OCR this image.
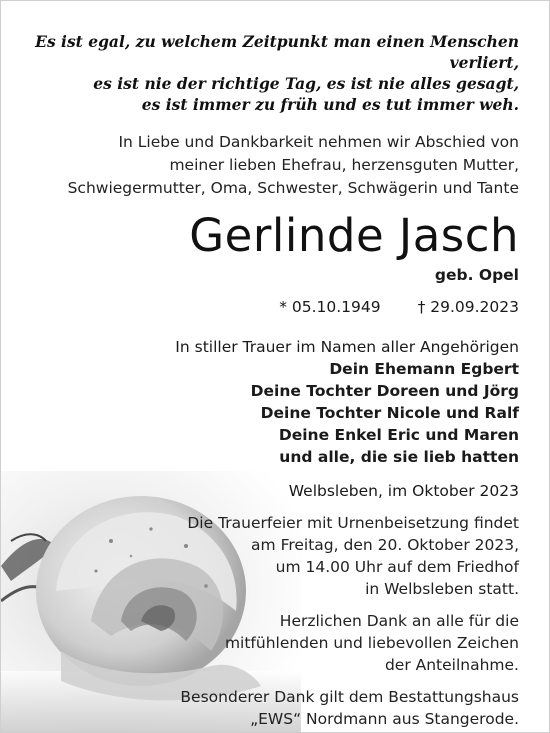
Es ist egal, zu welchem Zeitpunkt man einen Menschen verliert,

es ist nie der richtige Tag, es ist nie alles gesagt,

es ist immer zu früh und es tut immer weh.

In Liebe und Dankbarkeit nehmen wir Abschied von

meiner lieben Ehefrau, herzensguten Mutter,

Schwiegermutter, Oma, Schwester, Schwägerin und Tante

Gerlinde Jasch

geb. Opel

* 05.10.1949 † 29.09.2023

In stiller Trauer im Namen aller Angehörigen

Dein Ehemann Egbert

Deine Tochter Doreen und Jörg

Deine Tochter Nicole und Ralf

Deine Enkel Eric und Maren

und alle, die sie lieb hatten

Welbsleben, im Oktober 2023

Die Trauerfeier mit Urnenbeisetzung findet

am Freitag, den 20. Oktober 2023,

um 14.00 Uhr auf dem Friedhof

in Welbsleben statt.

Herzlichen Dank an alle für die

mitfühlenden und liebevollen Zeichen

der Anteilnahme.

Besonderer Dank gilt dem Bestattungshaus

„EWS“ Nordmann aus Stangerode.
